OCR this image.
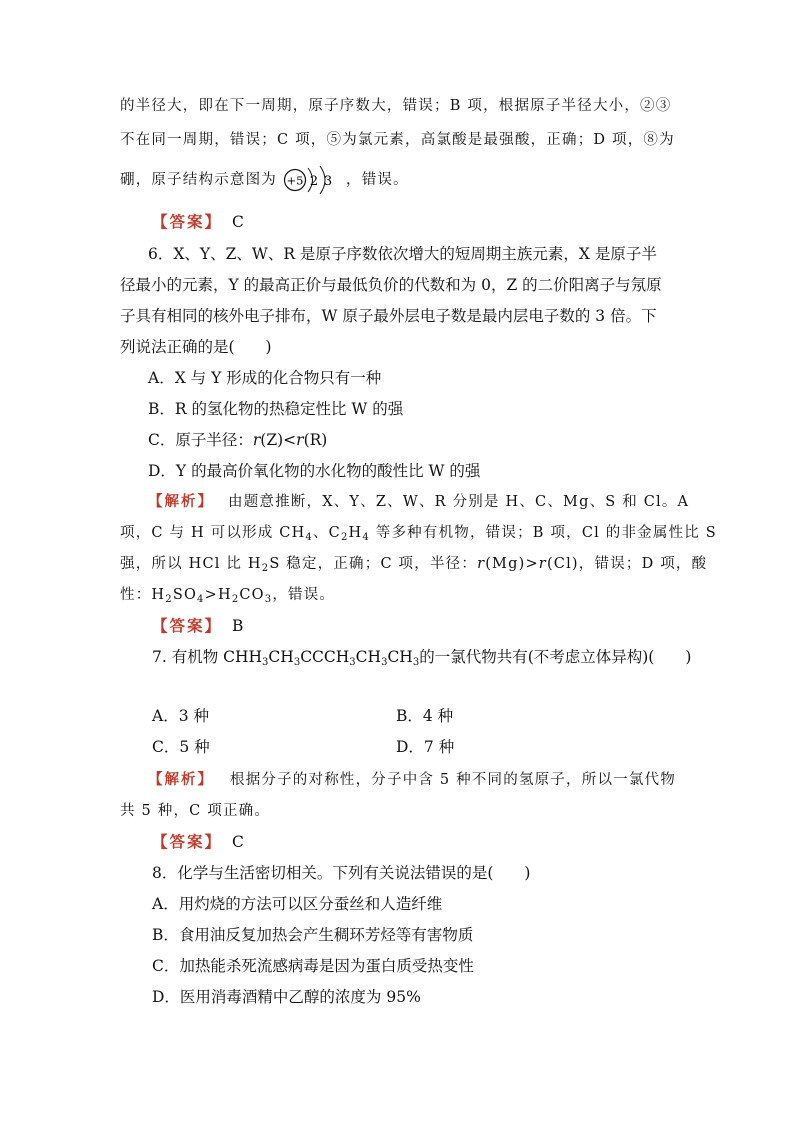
的半径大，即在下一周期，原子序数大，错误；B 项，根据原子半径大小，②③
不在同一周期，错误；C 项，⑤为氯元素，高氯酸是最强酸，正确；D 项，⑧为
硼，原子结构示意图为 +5 2 3 ，错误。
【答案】 C
6．X、Y、Z、W、R 是原子序数依次增大的短周期主族元素，X 是原子半
径最小的元素，Y 的最高正价与最低负价的代数和为 0，Z 的二价阳离子与氖原
子具有相同的核外电子排布，W 原子最外层电子数是最内层电子数的 3 倍。下
列说法正确的是(　　)
A．X 与 Y 形成的化合物只有一种
B．R 的氢化物的热稳定性比 W 的强
C．原子半径：r(Z)<r(R)
D．Y 的最高价氧化物的水化物的酸性比 W 的强
【解析】 由题意推断，X、Y、Z、W、R 分别是 H、C、Mg、S 和 Cl。A
项，C 与 H 可以形成 $CH_4$、$C_2H_4$ 等多种有机物，错误；B 项，Cl 的非金属性比 S
强，所以 HCl 比 $H_2S$ 稳定，正确；C 项，半径：r(Mg)>r(Cl)，错误；D 项，酸
性：$H_2SO_4>H_2CO_3$，错误。
【答案】 B
7. 有机物 $CHH_3CH_3CCCH_3CH_3CH_3$的一氯代物共有(不考虑立体异构)(　　)
A．3 种	B．4 种
C．5 种	D．7 种
【解析】 根据分子的对称性，分子中含 5 种不同的氢原子，所以一氯代物
共 5 种，C 项正确。
【答案】 C
8．化学与生活密切相关。下列有关说法错误的是(　　)
A．用灼烧的方法可以区分蚕丝和人造纤维
B．食用油反复加热会产生稠环芳烃等有害物质
C．加热能杀死流感病毒是因为蛋白质受热变性
D．医用消毒酒精中乙醇的浓度为 95%
